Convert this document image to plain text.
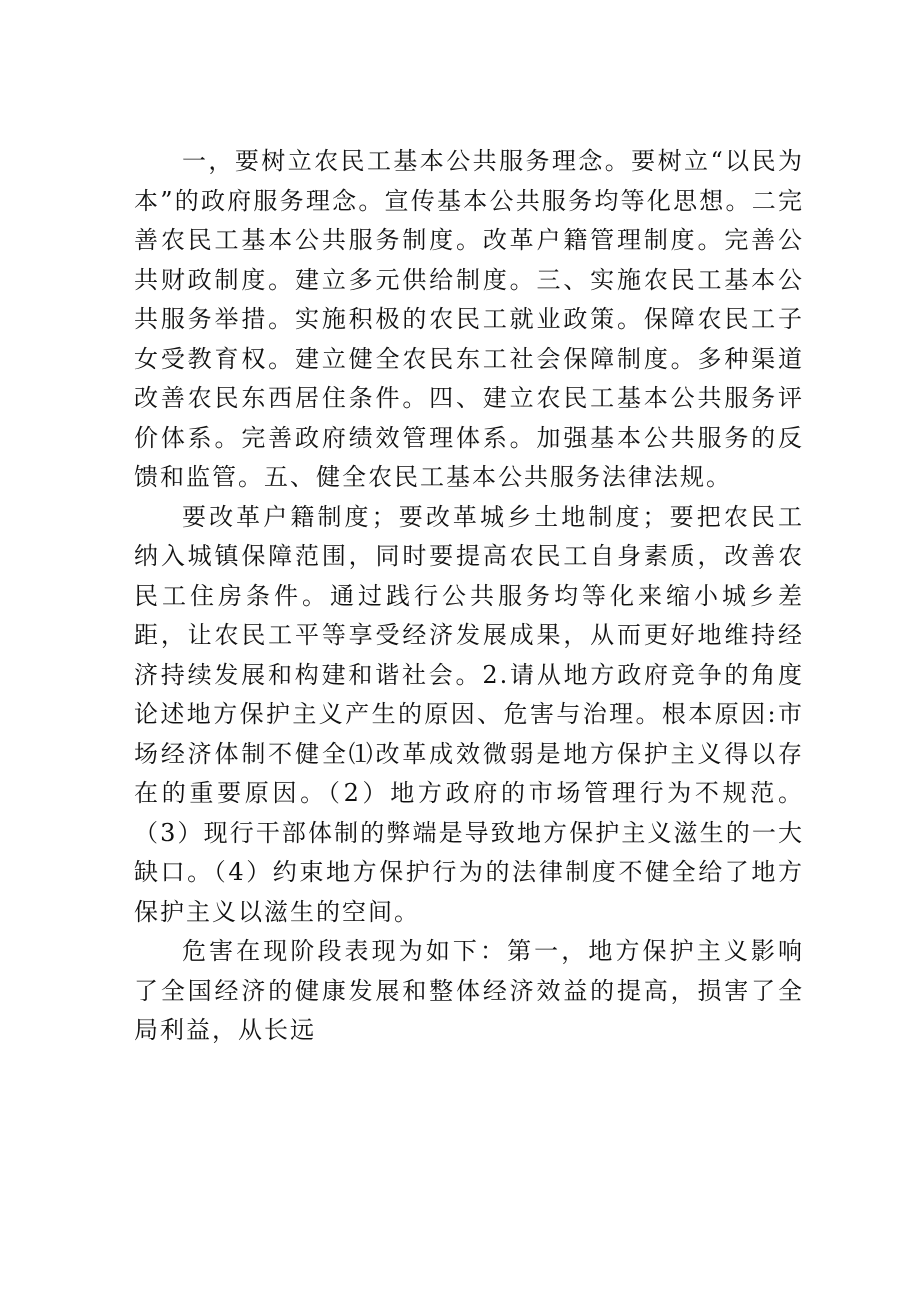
一，要树立农民工基本公共服务理念。要树立“以民为本”的政府服务理念。宣传基本公共服务均等化思想。二完善农民工基本公共服务制度。改革户籍管理制度。完善公共财政制度。建立多元供给制度。三、实施农民工基本公共服务举措。实施积极的农民工就业政策。保障农民工子女受教育权。建立健全农民东工社会保障制度。多种渠道改善农民东西居住条件。四、建立农民工基本公共服务评价体系。完善政府绩效管理体系。加强基本公共服务的反馈和监管。五、健全农民工基本公共服务法律法规。

要改革户籍制度；要改革城乡土地制度；要把农民工纳入城镇保障范围，同时要提高农民工自身素质，改善农民工住房条件。通过践行公共服务均等化来缩小城乡差距，让农民工平等享受经济发展成果，从而更好地维持经济持续发展和构建和谐社会。2.请从地方政府竞争的角度论述地方保护主义产生的原因、危害与治理。根本原因:市场经济体制不健全⑴改革成效微弱是地方保护主义得以存在的重要原因。（2）地方政府的市场管理行为不规范。（3）现行干部体制的弊端是导致地方保护主义滋生的一大缺口。（4）约束地方保护行为的法律制度不健全给了地方保护主义以滋生的空间。

危害在现阶段表现为如下：第一，地方保护主义影响了全国经济的健康发展和整体经济效益的提高，损害了全局利益，从长远
